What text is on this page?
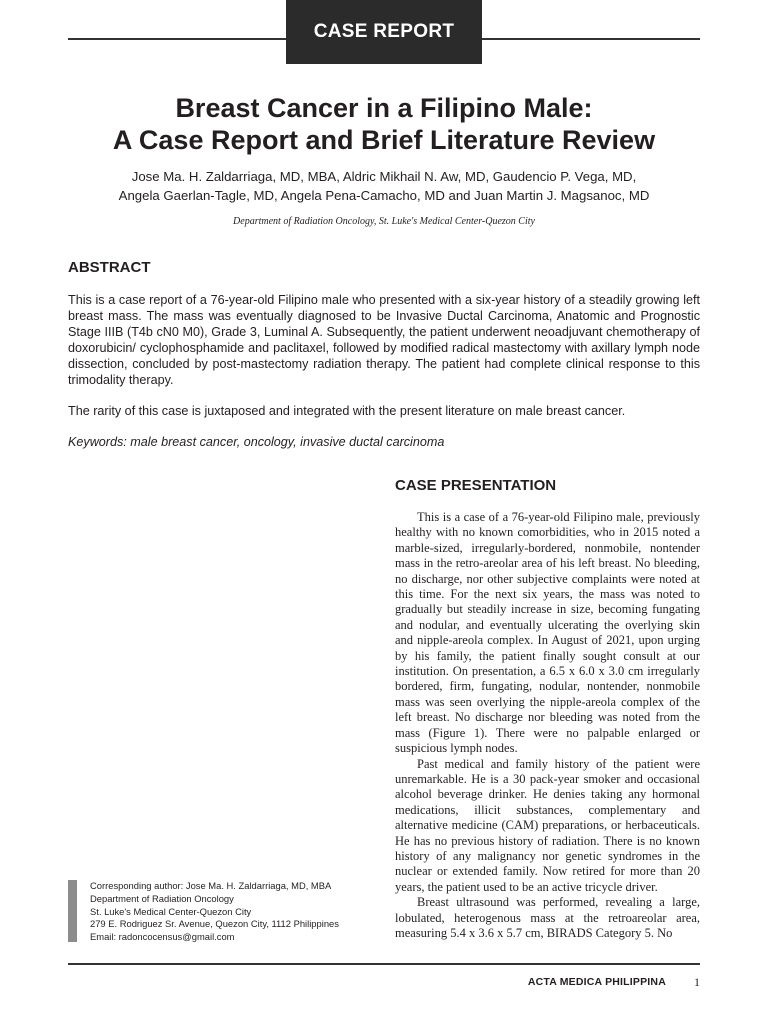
CASE REPORT
Breast Cancer in a Filipino Male:
A Case Report and Brief Literature Review
Jose Ma. H. Zaldarriaga, MD, MBA, Aldric Mikhail N. Aw, MD, Gaudencio P. Vega, MD,
Angela Gaerlan-Tagle, MD, Angela Pena-Camacho, MD and Juan Martin J. Magsanoc, MD
Department of Radiation Oncology, St. Luke's Medical Center-Quezon City
ABSTRACT

This is a case report of a 76-year-old Filipino male who presented with a six-year history of a steadily growing left breast mass. The mass was eventually diagnosed to be Invasive Ductal Carcinoma, Anatomic and Prognostic Stage IIIB (T4b cN0 M0), Grade 3, Luminal A. Subsequently, the patient underwent neoadjuvant chemotherapy of doxorubicin/ cyclophosphamide and paclitaxel, followed by modified radical mastectomy with axillary lymph node dissection, concluded by post-mastectomy radiation therapy. The patient had complete clinical response to this trimodality therapy.

The rarity of this case is juxtaposed and integrated with the present literature on male breast cancer.

Keywords: male breast cancer, oncology, invasive ductal carcinoma

CASE PRESENTATION

This is a case of a 76-year-old Filipino male, previously healthy with no known comorbidities, who in 2015 noted a marble-sized, irregularly-bordered, nonmobile, nontender mass in the retro-areolar area of his left breast. No bleeding, no discharge, nor other subjective complaints were noted at this time. For the next six years, the mass was noted to gradually but steadily increase in size, becoming fungating and nodular, and eventually ulcerating the overlying skin and nipple-areola complex. In August of 2021, upon urging by his family, the patient finally sought consult at our institution. On presentation, a 6.5 x 6.0 x 3.0 cm irregularly bordered, firm, fungating, nodular, nontender, nonmobile mass was seen overlying the nipple-areola complex of the left breast. No discharge nor bleeding was noted from the mass (Figure 1). There were no palpable enlarged or suspicious lymph nodes.

Past medical and family history of the patient were unremarkable. He is a 30 pack-year smoker and occasional alcohol beverage drinker. He denies taking any hormonal medications, illicit substances, complementary and alternative medicine (CAM) preparations, or herbaceuticals. He has no previous history of radiation. There is no known history of any malignancy nor genetic syndromes in the nuclear or extended family. Now retired for more than 20 years, the patient used to be an active tricycle driver.

Breast ultrasound was performed, revealing a large, lobulated, heterogenous mass at the retroareolar area, measuring 5.4 x 3.6 x 5.7 cm, BIRADS Category 5. No

Corresponding author: Jose Ma. H. Zaldarriaga, MD, MBA
Department of Radiation Oncology
St. Luke's Medical Center-Quezon City
279 E. Rodriguez Sr. Avenue, Quezon City, 1112 Philippines
Email: radoncocensus@gmail.com
ACTA MEDICA PHILIPPINA 1
